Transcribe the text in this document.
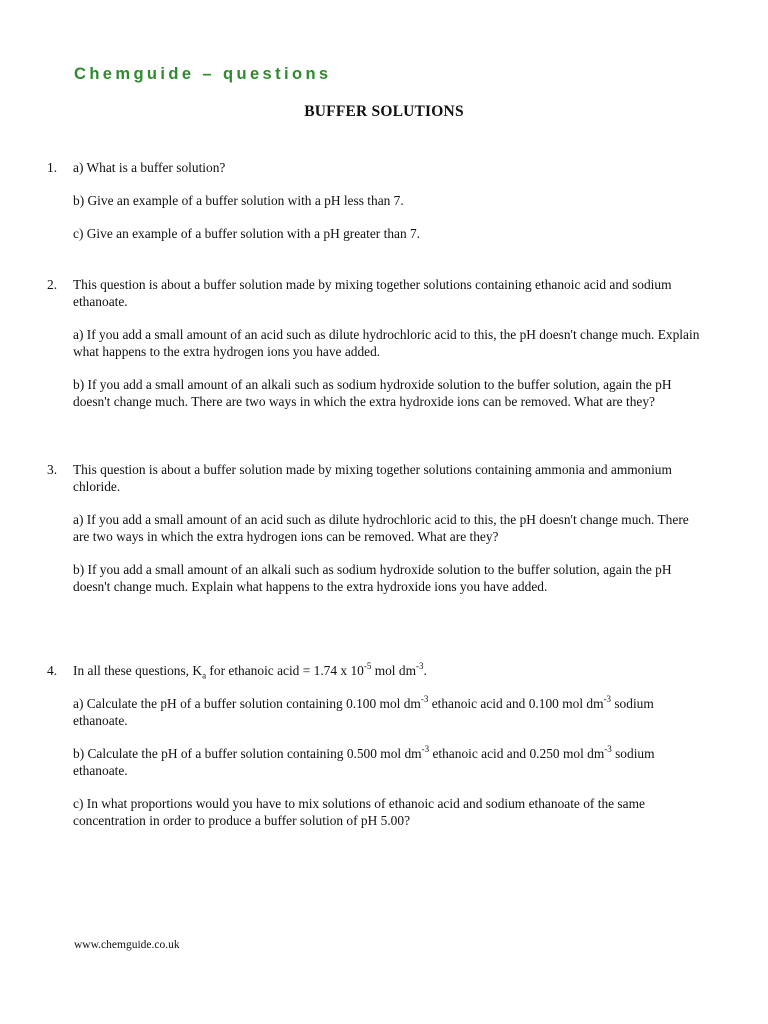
Chemguide – questions
BUFFER SOLUTIONS
1. a) What is a buffer solution?

b) Give an example of a buffer solution with a pH less than 7.

c) Give an example of a buffer solution with a pH greater than 7.

2. This question is about a buffer solution made by mixing together solutions containing ethanoic acid and sodium ethanoate.

a) If you add a small amount of an acid such as dilute hydrochloric acid to this, the pH doesn't change much. Explain what happens to the extra hydrogen ions you have added.

b) If you add a small amount of an alkali such as sodium hydroxide solution to the buffer solution, again the pH doesn't change much. There are two ways in which the extra hydroxide ions can be removed. What are they?

3. This question is about a buffer solution made by mixing together solutions containing ammonia and ammonium chloride.

a) If you add a small amount of an acid such as dilute hydrochloric acid to this, the pH doesn't change much. There are two ways in which the extra hydrogen ions can be removed. What are they?

b) If you add a small amount of an alkali such as sodium hydroxide solution to the buffer solution, again the pH doesn't change much. Explain what happens to the extra hydroxide ions you have added.

4. In all these questions, $K_a$ for ethanoic acid = 1.74 x $10^{-5}$ mol $dm^{-3}$.

a) Calculate the pH of a buffer solution containing 0.100 mol $dm^{-3}$ ethanoic acid and 0.100 mol $dm^{-3}$ sodium ethanoate.

b) Calculate the pH of a buffer solution containing 0.500 mol $dm^{-3}$ ethanoic acid and 0.250 mol $dm^{-3}$ sodium ethanoate.

c) In what proportions would you have to mix solutions of ethanoic acid and sodium ethanoate of the same concentration in order to produce a buffer solution of pH 5.00?

www.chemguide.co.uk
